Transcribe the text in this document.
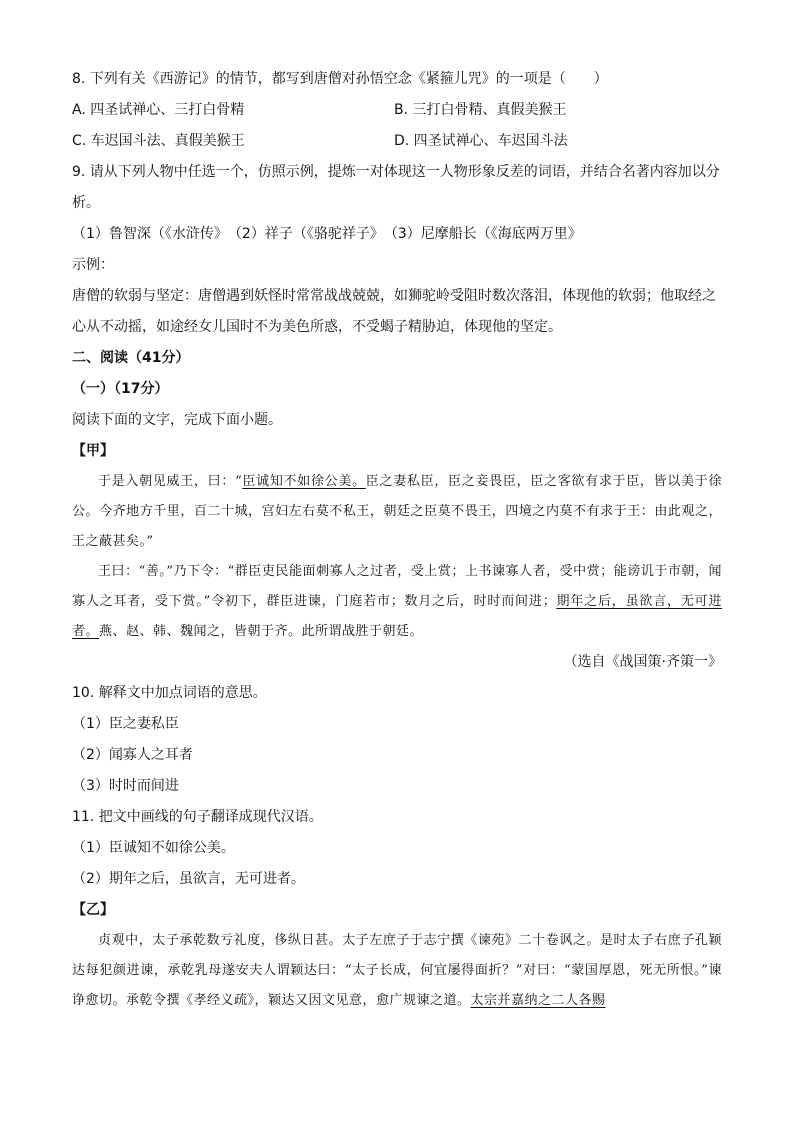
8. 下列有关《西游记》的情节，都写到唐僧对孙悟空念《紧箍儿咒》的一项是（　　）
A. 四圣试禅心、三打白骨精	B. 三打白骨精、真假美猴王
C. 车迟国斗法、真假美猴王	D. 四圣试禅心、车迟国斗法
9. 请从下列人物中任选一个，仿照示例，提炼一对体现这一人物形象反差的词语，并结合名著内容加以分
析。
（1）鲁智深（《水浒传》　（2）祥子（《骆驼祥子》　（3）尼摩船长（《海底两万里》
示例：
唐僧的软弱与坚定：唐僧遇到妖怪时常常战战兢兢，如狮驼岭受阻时数次落泪，体现他的软弱；他取经之
心从不动摇，如途经女儿国时不为美色所惑，不受蝎子精胁迫，体现他的坚定。
二、阅读（41分）
（一）（17分）
阅读下面的文字，完成下面小题。
【甲】
于是入朝见威王，曰：“臣诚知不如徐公美。臣之妻私臣，臣之妾畏臣，臣之客欲有求于臣，皆以美于徐公。今齐地方千里，百二十城，宫妇左右莫不私王，朝廷之臣莫不畏王，四境之内莫不有求于王：由此观之，王之蔽甚矣。”
王曰：“善。”乃下令：“群臣吏民能面刺寡人之过者，受上赏；上书谏寡人者，受中赏；能谤讥于市朝，闻寡人之耳者，受下赏。”令初下，群臣进谏，门庭若市；数月之后，时时而间进；期年之后，虽欲言，无可进者。燕、赵、韩、魏闻之，皆朝于齐。此所谓战胜于朝廷。
（选自《战国策·齐策一》
10. 解释文中加点词语的意思。
（1）臣之妻私臣
（2）闻寡人之耳者
（3）时时而间进
11. 把文中画线的句子翻译成现代汉语。
（1）臣诚知不如徐公美。
（2）期年之后，虽欲言，无可进者。
【乙】
贞观中，太子承乾数亏礼度，侈纵日甚。太子左庶子于志宁撰《谏苑》二十卷讽之。是时太子右庶子孔颖达每犯颜进谏，承乾乳母遂安夫人谓颖达曰：“太子长成，何宜屡得面折？”对曰：“蒙国厚恩，死无所恨。”谏诤愈切。承乾令撰《孝经义疏》，颖达又因文见意，愈广规谏之道。太宗并嘉纳之二人各赐
